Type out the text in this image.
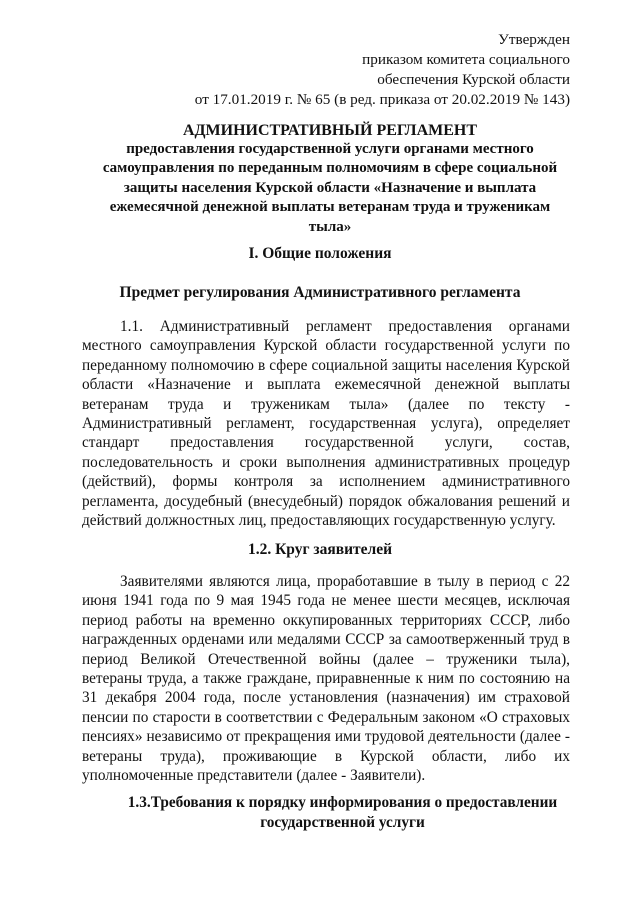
Утвержден
приказом комитета социального
обеспечения Курской области
от 17.01.2019 г. № 65 (в ред. приказа от 20.02.2019 № 143)
АДМИНИСТРАТИВНЫЙ РЕГЛАМЕНТ
предоставления государственной услуги органами местного самоуправления по переданным полномочиям в сфере социальной защиты населения Курской области «Назначение и выплата ежемесячной денежной выплаты ветеранам труда и труженикам тыла»
I. Общие положения
Предмет регулирования Административного регламента
1.1. Административный регламент предоставления органами местного самоуправления Курской области государственной услуги по переданному полномочию в сфере социальной защиты населения Курской области «Назначение и выплата ежемесячной денежной выплаты ветеранам труда и труженикам тыла» (далее по тексту - Административный регламент, государственная услуга), определяет стандарт предоставления государственной услуги, состав, последовательность и сроки выполнения административных процедур (действий), формы контроля за исполнением административного регламента, досудебный (внесудебный) порядок обжалования решений и действий должностных лиц, предоставляющих государственную услугу.
1.2. Круг заявителей
Заявителями являются лица, проработавшие в тылу в период с 22 июня 1941 года по 9 мая 1945 года не менее шести месяцев, исключая период работы на временно оккупированных территориях СССР, либо награжденных орденами или медалями СССР за самоотверженный труд в период Великой Отечественной войны (далее – труженики тыла), ветераны труда, а также граждане, приравненные к ним по состоянию на 31 декабря 2004 года, после установления (назначения) им страховой пенсии по старости в соответствии с Федеральным законом «О страховых пенсиях» независимо от прекращения ими трудовой деятельности (далее - ветераны труда), проживающие в Курской области, либо их уполномоченные представители (далее - Заявители).
1.3.Требования к порядку информирования о предоставлении государственной услуги
